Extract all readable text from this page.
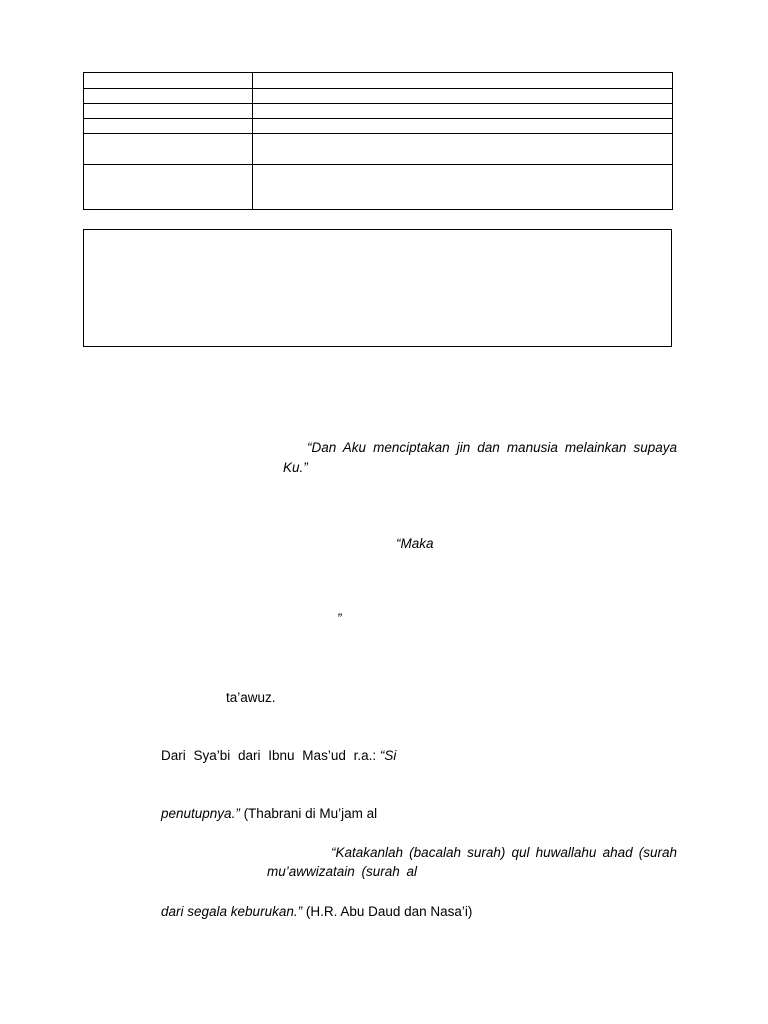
“Dan Aku menciptakan jin dan manusia melainkan supaya
Ku.”
“Maka
”
ta’awuz.
Dari Sya’bi dari Ibnu Mas’ud r.a.: “Si
penutupnya.” (Thabrani di Mu’jam al
“Katakanlah (bacalah surah) qul huwallahu ahad (surah
mu’awwizatain (surah al
dari segala keburukan.” (H.R. Abu Daud dan Nasa’i)
